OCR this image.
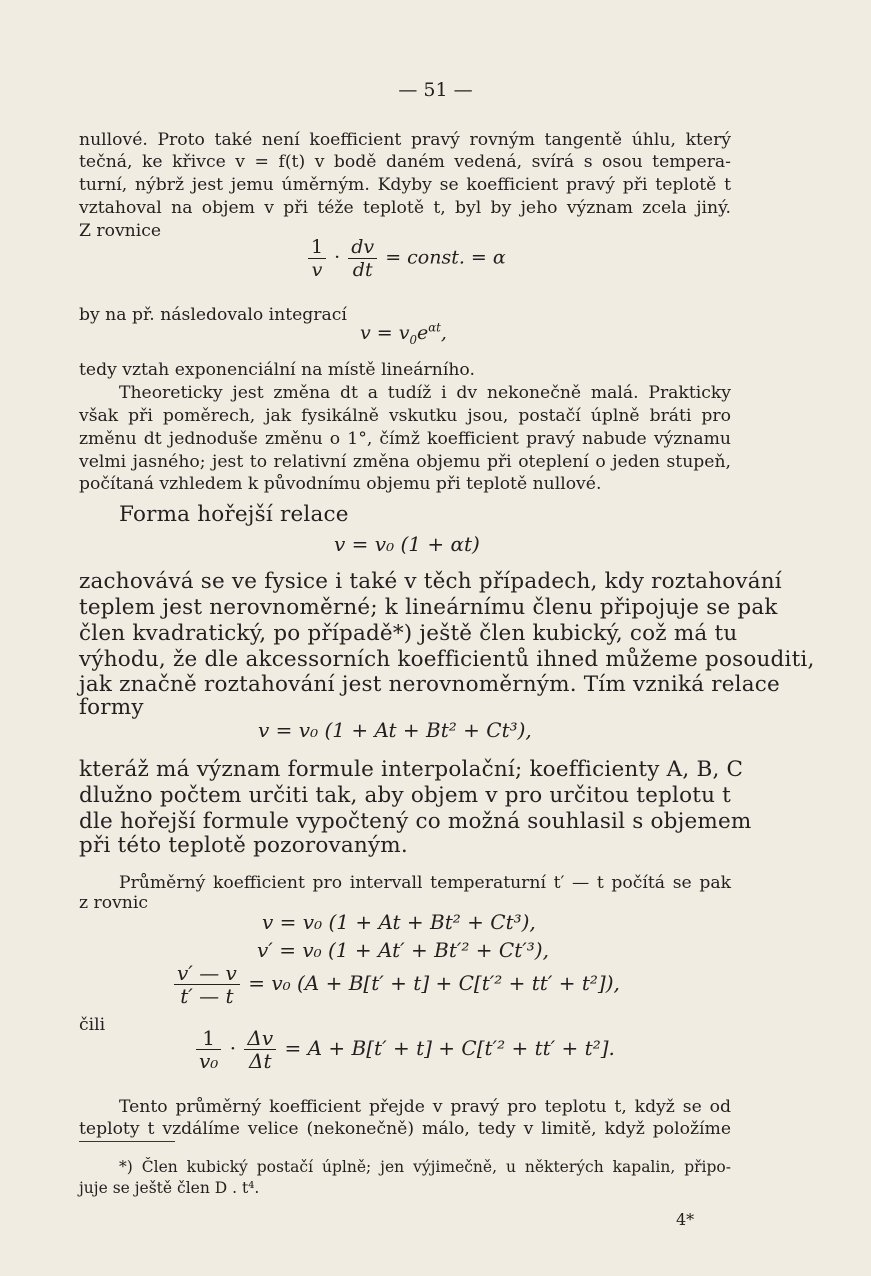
— 51 —
nullové. Proto také není koefficient pravý rovným tangentě úhlu, který
tečná, ke křivce v = f(t) v bodě daném vedená, svírá s osou tempera-
turní, nýbrž jest jemu úměrným. Kdyby se koefficient pravý při teplotě t
vztahoval na objem v při téže teplotě t, byl by jeho význam zcela jiný.
Z rovnice
$\frac{1}{v} \cdot \frac{dv}{dt}$ = const. = α
by na př. následovalo integrací
$v = v_0e^{\alpha t}$,
tedy vztah exponenciální na místě lineárního.
Theoreticky jest změna dt a tudíž i dv nekonečně malá. Prakticky
však při poměrech, jak fysikálně vskutku jsou, postačí úplně bráti pro
změnu dt jednoduše změnu o 1°, čímž koefficient pravý nabude významu
velmi jasného; jest to relativní změna objemu při oteplení o jeden stupeň,
počítaná vzhledem k původnímu objemu při teplotě nullové.
Forma hořejší relace
v = v₀ (1 + αt)
zachovává se ve fysice i také v těch případech, kdy roztahování
teplem jest nerovnoměrné; k lineárnímu členu připojuje se pak
člen kvadratický, po případě*) ještě člen kubický, což má tu
výhodu, že dle akcessorních koefficientů ihned můžeme posouditi,
jak značně roztahování jest nerovnoměrným. Tím vzniká relace
formy
v = v₀ (1 + At + Bt² + Ct³),
kteráž má význam formule interpolační; koefficienty A, B, C
dlužno počtem určiti tak, aby objem v pro určitou teplotu t
dle hořejší formule vypočtený co možná souhlasil s objemem
při této teplotě pozorovaným.
Průměrný koefficient pro intervall temperaturní t′ — t počítá se pak
z rovnic
v = v₀ (1 + At + Bt² + Ct³),
v′ = v₀ (1 + At′ + Bt′² + Ct′³),
$\frac{v' — v}{t' — t} = v_0$ (A + B[t′ + t] + C[t′² + tt′ + t²]),
čili
$\frac{1}{\text{v₀}} \cdot \frac{\Delta v}{\Delta t} = A + B[t' + t] + C[t'^2 + tt' + t^2]$.
Tento průměrný koefficient přejde v pravý pro teplotu t, když se od
teploty t vzdálíme velice (nekonečně) málo, tedy v limitě, když položíme
*) Člen kubický postačí úplně; jen výjimečně, u některých kapalin, připo-
juje se ještě člen D . t⁴.
4*
